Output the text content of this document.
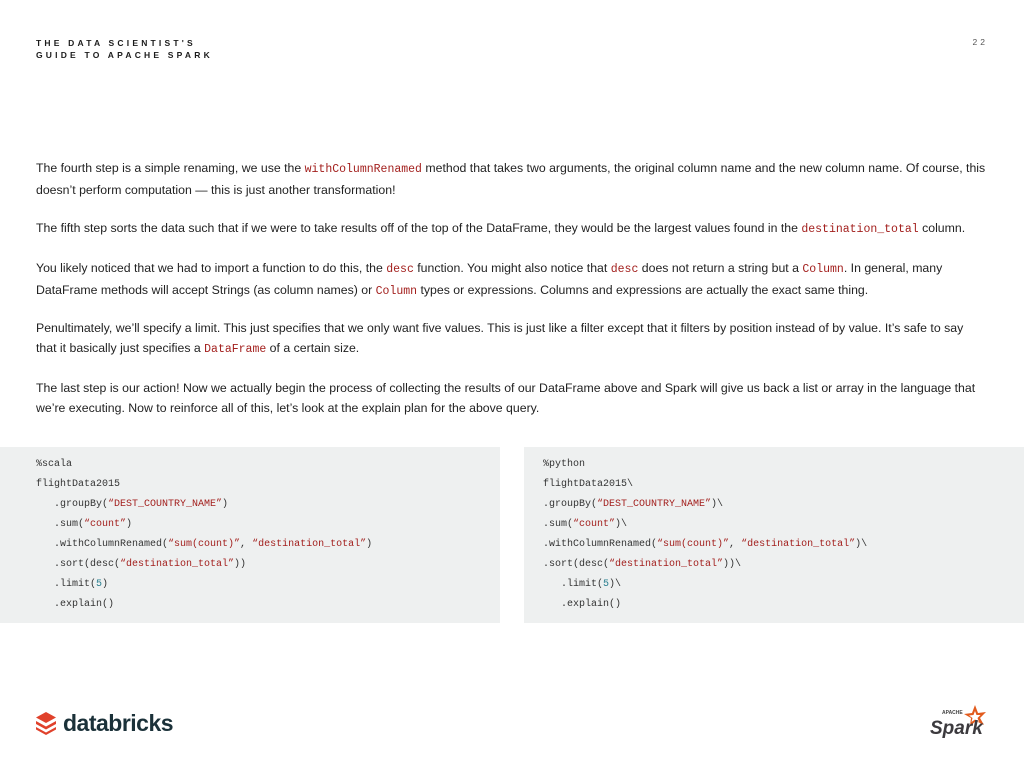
THE DATA SCIENTIST'S
GUIDE TO APACHE SPARK
22
The fourth step is a simple renaming, we use the withColumnRenamed method that takes two arguments, the original column name and the new column name. Of course, this doesn’t perform computation — this is just another transformation!
The fifth step sorts the data such that if we were to take results off of the top of the DataFrame, they would be the largest values found in the destination_total column.
You likely noticed that we had to import a function to do this, the desc function. You might also notice that desc does not return a string but a Column. In general, many DataFrame methods will accept Strings (as column names) or Column types or expressions. Columns and expressions are actually the exact same thing.
Penultimately, we’ll specify a limit. This just specifies that we only want five values. This is just like a filter except that it filters by position instead of by value. It’s safe to say that it basically just specifies a DataFrame of a certain size.
The last step is our action! Now we actually begin the process of collecting the results of our DataFrame above and Spark will give us back a list or array in the language that we’re executing. Now to reinforce all of this, let’s look at the explain plan for the above query.
%scala
flightData2015
.groupBy(“DEST_COUNTRY_NAME”)
.sum(“count”)
.withColumnRenamed(“sum(count)”, “destination_total”)
.sort(desc(“destination_total”))
.limit(5)
.explain()
%python
flightData2015\
.groupBy(“DEST_COUNTRY_NAME”)\
.sum(“count”)\
.withColumnRenamed(“sum(count)”, “destination_total”)\
.sort(desc(“destination_total”))\
.limit(5)\
.explain()
databricks	APACHE
Spark
